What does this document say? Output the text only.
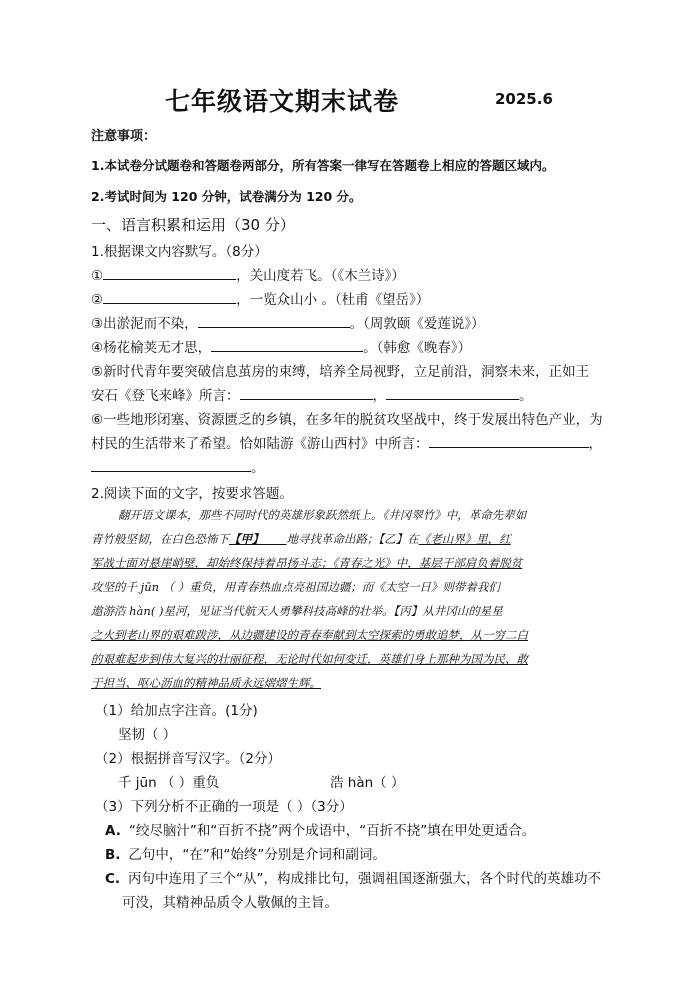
七年级语文期末试卷	2025.6
注意事项：
1.本试卷分试题卷和答题卷两部分，所有答案一律写在答题卷上相应的答题区域内。
2.考试时间为 120 分钟，试卷满分为 120 分。
一、语言积累和运用（30 分）
1.根据课文内容默写。（8分）
①	，关山度若飞。（《木兰诗》）
②	，一览众山小 。（杜甫《望岳》）
③出淤泥而不染，	。（周敦颐《爱莲说》）
④杨花榆荚无才思，	。（韩愈《晚春》）
⑤新时代青年要突破信息茧房的束缚，培养全局视野，立足前沿，洞察未来，正如王
安石《登飞来峰》所言：	，	。
⑥一些地形闭塞、资源匮乏的乡镇，在多年的脱贫攻坚战中，终于发展出特色产业，为
村民的生活带来了希望。恰如陆游《游山西村》中所言：	，
。
2.阅读下面的文字，按要求答题。
翻开语文课本，那些不同时代的英雄形象跃然纸上。《井冈翠竹》中，革命先辈如
青竹般坚韧，在白色恐怖下【甲】   地寻找革命出路；【乙】在《老山界》里，红
军战士面对悬崖峭壁，却始终保持着昂扬斗志；《青春之光》中，基层干部肩负着脱贫
攻坚的千 jūn （ ）重负，用青春热血点亮祖国边疆；而《太空一日》则带着我们
遨游浩 hàn( )星河，见证当代航天人勇攀科技高峰的壮举。【丙】从井冈山的星星
之火到老山界的艰难跋涉，从边疆建设的青春奉献到太空探索的勇敢追梦，从一穷二白
的艰难起步到伟大复兴的壮丽征程，无论时代如何变迁，英雄们身上那种为国为民、敢
于担当、呕心沥血的精神品质永远熠熠生辉。
（1）给加点字注音。(1分)
坚韧（ ）
（2）根据拼音写汉字。（2分）
千 jūn （ ）重负	浩 hàn（ ）
（3）下列分析不正确的一项是（ ）（3分）
A. “绞尽脑汁”和“百折不挠”两个成语中，“百折不挠”填在甲处更适合。
B. 乙句中，“在”和“始终”分别是介词和副词。
C. 丙句中连用了三个“从”，构成排比句，强调祖国逐渐强大，各个时代的英雄功不
可没，其精神品质令人敬佩的主旨。
